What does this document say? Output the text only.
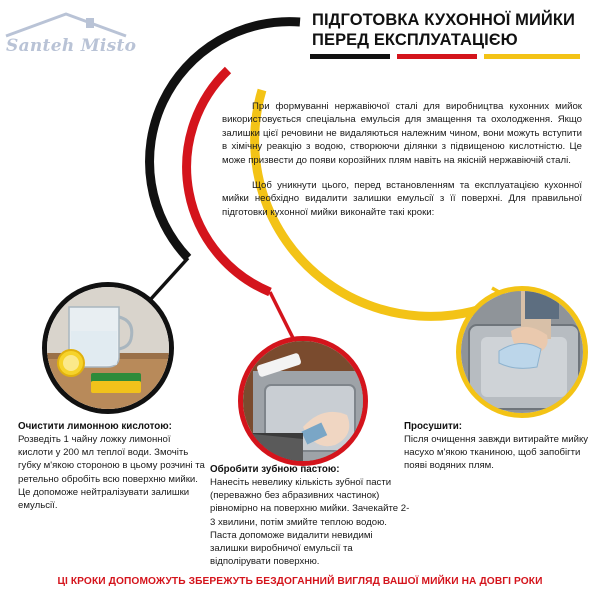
Santeh Misto
ПІДГОТОВКА КУХОННОЇ МИЙКИ
ПЕРЕД ЕКСПЛУАТАЦІЄЮ

При формуванні нержавіючої сталі для виробництва кухонних мийок використовується спеціальна емульсія для змащення та охолодження. Якщо залишки цієї речовини не видаляються належним чином, вони можуть вступити в хімічну реакцію з водою, створюючи ділянки з підвищеною кислотністю. Це може призвести до появи корозійних плям навіть на якісній нержавіючій сталі.

Щоб уникнути цього, перед встановленням та експлуатацією кухонної мийки необхідно видалити залишки емульсії з її поверхні. Для правильної підготовки кухонної мийки виконайте такі кроки:

Очистити лимонною кислотою:
Розведіть 1 чайну ложку лимонної кислоти у 200 мл теплої води. Змочіть губку м'якою стороною в цьому розчині та ретельно обробіть всю поверхню мийки. Це допоможе нейтралізувати залишки емульсії.
Обробити зубною пастою:
Нанесіть невелику кількість зубної пасти (переважно без абразивних частинок) рівномірно на поверхню мийки. Зачекайте 2-3 хвилини, потім змийте теплою водою. Паста допоможе видалити невидимі залишки виробничої емульсії та відполірувати поверхню.
Просушити:
Після очищення завжди витирайте мийку насухо м'якою тканиною, щоб запобігти появі водяних плям.
ЦІ КРОКИ ДОПОМОЖУТЬ ЗБЕРЕЖУТЬ БЕЗДОГАННИЙ ВИГЛЯД ВАШОЇ МИЙКИ НА ДОВГІ РОКИ
